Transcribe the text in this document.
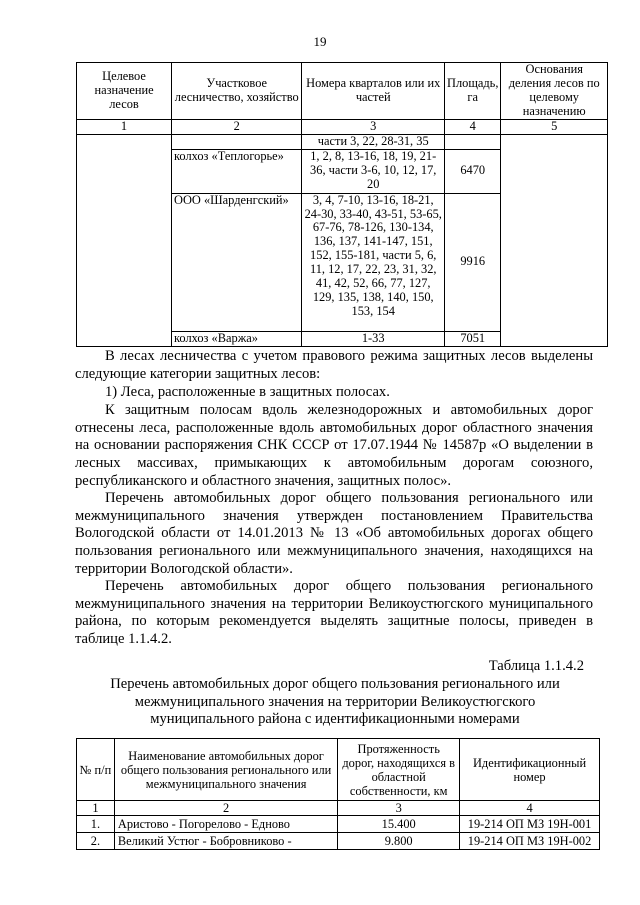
19
Целевое назначение лесов	Участковое лесничество, хозяйство	Номера кварталов или их частей	Площадь, га	Основания деления лесов по целевому назначению
1	2	3	4	5
		части 3, 22, 28-31, 35		
	колхоз «Теплогорье»	1, 2, 8, 13-16, 18, 19, 21-36, части 3-6, 10, 12, 17, 20	6470	
	ООО «Шарденгский»	3, 4, 7-10, 13-16, 18-21, 24-30, 33-40, 43-51, 53-65, 67-76, 78-126, 130-134, 136, 137, 141-147, 151, 152, 155-181, части 5, 6, 11, 12, 17, 22, 23, 31, 32, 41, 42, 52, 66, 77, 127, 129, 135, 138, 140, 150, 153, 154	9916	
	колхоз «Варжа»	1-33	7051	

В лесах лесничества с учетом правового режима защитных лесов выделены следующие категории защитных лесов:

1) Леса, расположенные в защитных полосах.

К защитным полосам вдоль железнодорожных и автомобильных дорог отнесены леса, расположенные вдоль автомобильных дорог областного значения на основании распоряжения СНК СССР от 17.07.1944 № 14587р «О выделении в лесных массивах, примыкающих к автомобильным дорогам союзного, республиканского и областного значения, защитных полос».

Перечень автомобильных дорог общего пользования регионального или межмуниципального значения утвержден постановлением Правительства Вологодской области от 14.01.2013 № 13 «Об автомобильных дорогах общего пользования регионального или межмуниципального значения, находящихся на территории Вологодской области».

Перечень автомобильных дорог общего пользования регионального межмуниципального значения на территории Великоустюгского муниципального района, по которым рекомендуется выделять защитные полосы, приведен в таблице 1.1.4.2.

Таблица 1.1.4.2
Перечень автомобильных дорог общего пользования регионального или межмуниципального значения на территории Великоустюгского муниципального района с идентификационными номерами
№ п/п	Наименование автомобильных дорог общего пользования регионального или межмуниципального значения	Протяженность дорог, находящихся в областной собственности, км	Идентификационный номер
1	2	3	4
1.	Аристово - Погорелово - Едново	15.400	19-214 ОП МЗ 19Н-001
2.	Великий Устюг - Бобровниково -	9.800	19-214 ОП МЗ 19Н-002
